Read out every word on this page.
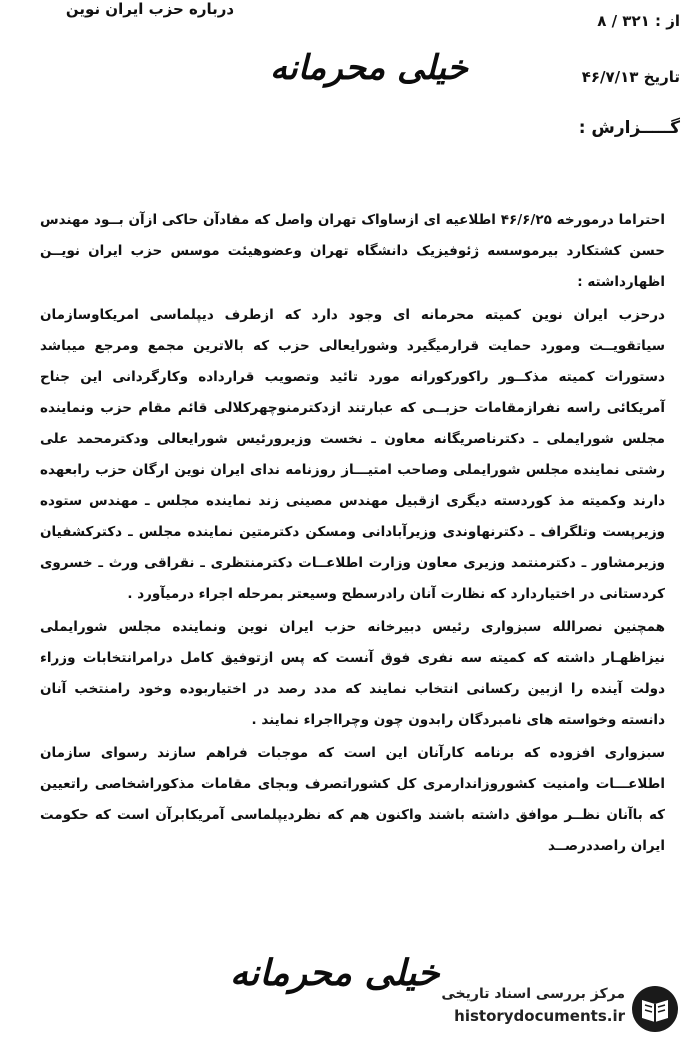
از : ۳۲۱ / ۸
خیلی محرمانه	تاریخ ۴۶/۷/۱۳
گـــــزارش :
درباره حزب ایران نوین

احتراما درمورخه ۴۶/۶/۲۵ اطلاعیه ای ازساواک تهران واصل که مفادآن حاکی ازآن بــود مهندس حسن کشتکارد بیرموسسه ژئوفیزیک دانشگاه تهران وعضوهیئت موسس حزب ایران نویــن اظهارداشته :

درحزب ایران نوین کمیته محرمانه ای وجود دارد که ازطرف دیپلماسی امریکاوسازمان سیاتقویــت ومورد حمایت قرارمیگیرد وشورایعالی حزب که بالاترین مجمع ومرجع میباشد دستورات کمیته مذکــور راکورکورانه مورد تائید وتصویب قرارداده وکارگردانی این جناح آمریکائی راسه نفرازمقامات حزبــی که عبارتند ازدکترمنوچهرکلالی قائم مقام حزب ونماینده مجلس شورایملی ـ دکترناصریگانه معاون ـ نخست وزیرورئیس شورایعالی ودکترمحمد علی رشتی نماینده مجلس شورایملی وصاحب امتیـــاز روزنامه ندای ایران نوین ارگان حزب رابعهده دارند وکمیته مذ کوردسته دیگری ازقبیل مهندس مصینی زند نماینده مجلس ـ مهندس ستوده وزیرپست وتلگراف ـ دکترنهاوندی وزیرآبادانی ومسکن دکترمتین نماینده مجلس ـ دکترکشفیان وزیرمشاور ـ دکترمنتمد وزیری معاون وزارت اطلاعــات دکترمنتظری ـ نقراقی ورث ـ خسروی کردستانی در اختیاردارد که نظارت آنان رادرسطح وسیعتر بمرحله اجراء درمیآورد .

همچنین نصرالله سبزواری رئیس دبیرخانه حزب ایران نوین ونماینده مجلس شورایملی نیزاظهـار داشته که کمیته سه نفری فوق آنست که پس ازتوفیق کامل درامرانتخابات وزراء دولت آینده را ازبین رکسانی انتخاب نمایند که مدد رصد در اختیاربوده وخود رامنتخب آنان دانسته وخواسته های نامبردگان رابدون چون وچرااجراء نمایند .

سبزواری افزوده که برنامه کارآنان این است که موجبات فراهم سازند رسوای سازمان اطلاعـــات وامنیت کشوروزاندارمری کل کشوراتصرف وبجای مقامات مذکوراشخاصی راتعیین که باآنان نظــر موافق داشته باشند واکنون هم که نظردیپلماسی آمریکابرآن است که حکومت ایران راصددرصــد

خیلی محرمانه مرکز بررسی اسناد تاریخی
historydocuments.ir
